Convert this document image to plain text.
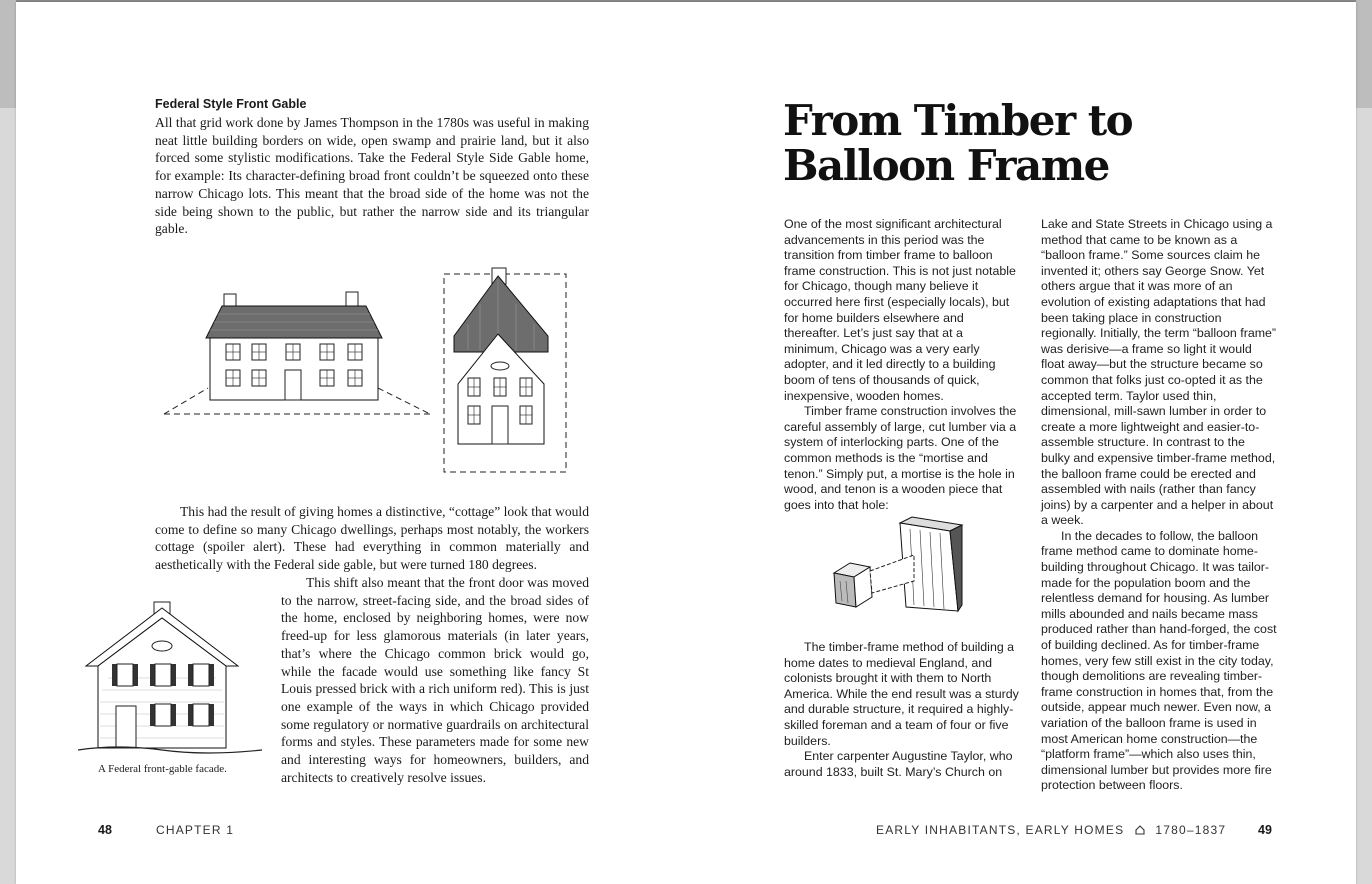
Federal Style Front Gable
All that grid work done by James Thompson in the 1780s was useful in making neat little building borders on wide, open swamp and prairie land, but it also forced some stylistic modifications. Take the Federal Style Side Gable home, for example: Its character-defining broad front couldn’t be squeezed onto these narrow Chicago lots. This meant that the broad side of the home was not the side being shown to the public, but rather the narrow side and its triangular gable.
This had the result of giving homes a distinctive, “cottage” look that would come to define so many Chicago dwellings, perhaps most notably, the workers cottage (spoiler alert). These had everything in common materially and aesthetically with the Federal side gable, but were turned 180 degrees.
This shift also meant that the front door was moved to the narrow, street-facing side, and the broad sides of the home, enclosed by neighboring homes, were now freed-up for less glamorous materials (in later years, that’s where the Chicago common brick would go, while the facade would use something like fancy St Louis pressed brick with a rich uniform red). This is just one example of the ways in which Chicago provided some regulatory or normative guardrails on architectural forms and styles. These parameters made for some new and interesting ways for homeowners, builders, and architects to creatively resolve issues.
A Federal front-gable facade.
48	CHAPTER 1
From Timber to
Balloon Frame

One of the most significant architectural advancements in this period was the transition from timber frame to balloon frame construction. This is not just notable for Chicago, though many believe it occurred here first (especially locals), but for home builders elsewhere and thereafter. Let’s just say that at a minimum, Chicago was a very early adopter, and it led directly to a building boom of tens of thousands of quick, inexpensive, wooden homes.

Timber frame construction involves the careful assembly of large, cut lumber via a system of interlocking parts. One of the common methods is the “mortise and tenon.” Simply put, a mortise is the hole in wood, and tenon is a wooden piece that goes into that hole:

The timber-frame method of building a home dates to medieval England, and colonists brought it with them to North America. While the end result was a sturdy and durable structure, it required a highly-skilled foreman and a team of four or five builders.

Enter carpenter Augustine Taylor, who around 1833, built St. Mary’s Church on

Lake and State Streets in Chicago using a method that came to be known as a “balloon frame.” Some sources claim he invented it; others say George Snow. Yet others argue that it was more of an evolution of existing adaptations that had been taking place in construction regionally. Initially, the term “balloon frame” was derisive—a frame so light it would float away—but the structure became so common that folks just co-opted it as the accepted term. Taylor used thin, dimensional, mill-sawn lumber in order to create a more lightweight and easier-to-assemble structure. In contrast to the bulky and expensive timber-frame method, the balloon frame could be erected and assembled with nails (rather than fancy joins) by a carpenter and a helper in about a week.

In the decades to follow, the balloon frame method came to dominate home-building throughout Chicago. It was tailor-made for the population boom and the relentless demand for housing. As lumber mills abounded and nails became mass produced rather than hand-forged, the cost of building declined. As for timber-frame homes, very few still exist in the city today, though demolitions are revealing timber-frame construction in homes that, from the outside, appear much newer. Even now, a variation of the balloon frame is used in most American home construction—the “platform frame”—which also uses thin, dimensional lumber but provides more fire protection between floors.

EARLY INHABITANTS, EARLY HOMES	1780–1837	49
